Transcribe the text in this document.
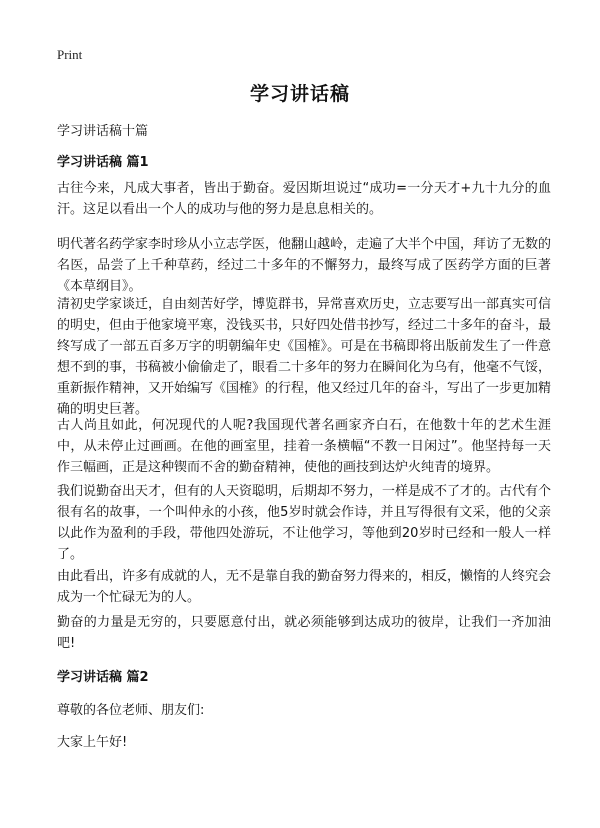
Print
学习讲话稿
学习讲话稿十篇
学习讲话稿 篇1

古往今来，凡成大事者，皆出于勤奋。爱因斯坦说过“成功=一分天才+九十九分的血汗。这足以看出一个人的成功与他的努力是息息相关的。

明代著名药学家李时珍从小立志学医，他翻山越岭，走遍了大半个中国，拜访了无数的名医，品尝了上千种草药，经过二十多年的不懈努力，最终写成了医药学方面的巨著《本草纲目》。

清初史学家谈迁，自由刻苦好学，博览群书，异常喜欢历史，立志要写出一部真实可信的明史，但由于他家境平寒，没钱买书，只好四处借书抄写，经过二十多年的奋斗，最终写成了一部五百多万字的明朝编年史《国榷》。可是在书稿即将出版前发生了一件意想不到的事，书稿被小偷偷走了，眼看二十多年的努力在瞬间化为乌有，他毫不气馁，重新振作精神，又开始编写《国榷》的行程，他又经过几年的奋斗，写出了一步更加精确的明史巨著。

古人尚且如此，何况现代的人呢?我国现代著名画家齐白石，在他数十年的艺术生涯中，从未停止过画画。在他的画室里，挂着一条横幅“不教一日闲过”。他坚持每一天作三幅画，正是这种锲而不舍的勤奋精神，使他的画技到达炉火纯青的境界。

我们说勤奋出天才，但有的人天资聪明，后期却不努力，一样是成不了才的。古代有个很有名的故事，一个叫仲永的小孩，他5岁时就会作诗，并且写得很有文采，他的父亲以此作为盈利的手段，带他四处游玩，不让他学习，等他到20岁时已经和一般人一样了。

由此看出，许多有成就的人，无不是靠自我的勤奋努力得来的，相反，懒惰的人终究会成为一个忙碌无为的人。

勤奋的力量是无穷的，只要愿意付出，就必须能够到达成功的彼岸，让我们一齐加油吧!

学习讲话稿 篇2
尊敬的各位老师、朋友们:
大家上午好!
